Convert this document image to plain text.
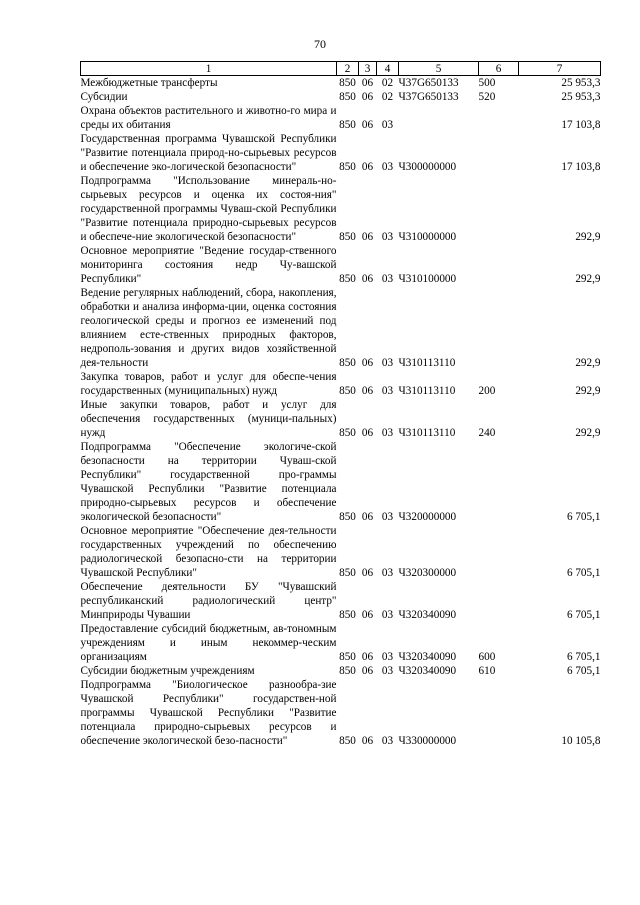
70
1	2	3	4	5	6	7
Межбюджетные трансферты	850	06	02	Ч37G650133	500	25 953,3
Субсидии	850	06	02	Ч37G650133	520	25 953,3
Охрана объектов растительного и животно-го мира и среды их обитания	850	06	03			17 103,8
Государственная программа Чувашской Республики "Развитие потенциала природ-но-сырьевых ресурсов и обеспечение эко-логической безопасности"	850	06	03	Ч300000000		17 103,8
Подпрограмма "Использование минераль-но-сырьевых ресурсов и оценка их состоя-ния" государственной программы Чуваш-ской Республики "Развитие потенциала природно-сырьевых ресурсов и обеспече-ние экологической безопасности"	850	06	03	Ч310000000		292,9
Основное мероприятие "Ведение государ-ственного мониторинга состояния недр Чу-вашской Республики"	850	06	03	Ч310100000		292,9
Ведение регулярных наблюдений, сбора, накопления, обработки и анализа информа-ции, оценка состояния геологической среды и прогноз ее изменений под влиянием есте-ственных природных факторов, недрополь-зования и других видов хозяйственной дея-тельности	850	06	03	Ч310113110		292,9
Закупка товаров, работ и услуг для обеспе-чения государственных (муниципальных) нужд	850	06	03	Ч310113110	200	292,9
Иные закупки товаров, работ и услуг для обеспечения государственных (муници-пальных) нужд	850	06	03	Ч310113110	240	292,9
Подпрограмма "Обеспечение экологиче-ской безопасности на территории Чуваш-ской Республики" государственной про-граммы Чувашской Республики "Развитие потенциала природно-сырьевых ресурсов и обеспечение экологической безопасности"	850	06	03	Ч320000000		6 705,1
Основное мероприятие "Обеспечение дея-тельности государственных учреждений по обеспечению радиологической безопасно-сти на территории Чувашской Республики"	850	06	03	Ч320300000		6 705,1
Обеспечение деятельности БУ "Чувашский республиканский радиологический центр" Минприроды Чувашии	850	06	03	Ч320340090		6 705,1
Предоставление субсидий бюджетным, ав-тономным учреждениям и иным некоммер-ческим организациям	850	06	03	Ч320340090	600	6 705,1
Субсидии бюджетным учреждениям	850	06	03	Ч320340090	610	6 705,1
Подпрограмма "Биологическое разнообра-зие Чувашской Республики" государствен-ной программы Чувашской Республики "Развитие потенциала природно-сырьевых ресурсов и обеспечение экологической безо-пасности"	850	06	03	Ч330000000		10 105,8
